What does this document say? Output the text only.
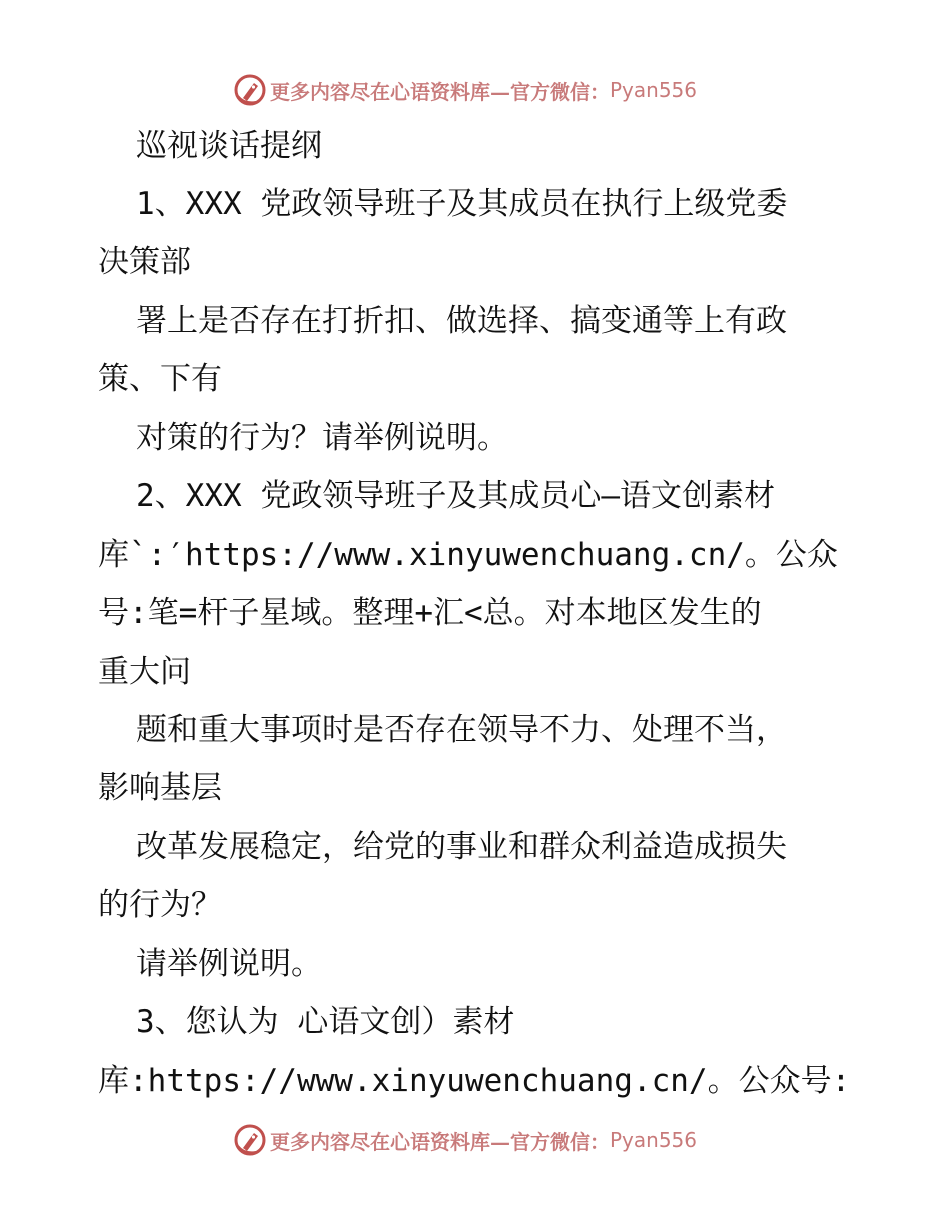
更多内容尽在心语资料库—官方微信： Pyan556
巡视谈话提纲
1、XXX 党政领导班子及其成员在执行上级党委
决策部
署上是否存在打折扣、做选择、搞变通等上有政
策、下有
对策的行为？请举例说明。
2、XXX 党政领导班子及其成员心—语文创素材
库`:′https://www.xinyuwenchuang.cn/。公众
号:笔=杆子星域。整理+汇<总。对本地区发生的
重大问
题和重大事项时是否存在领导不力、处理不当，
影响基层
改革发展稳定，给党的事业和群众利益造成损失
的行为？
请举例说明。
3、您认为 心语文创）素材
库:https://www.xinyuwenchuang.cn/。公众号:
更多内容尽在心语资料库—官方微信： Pyan556
